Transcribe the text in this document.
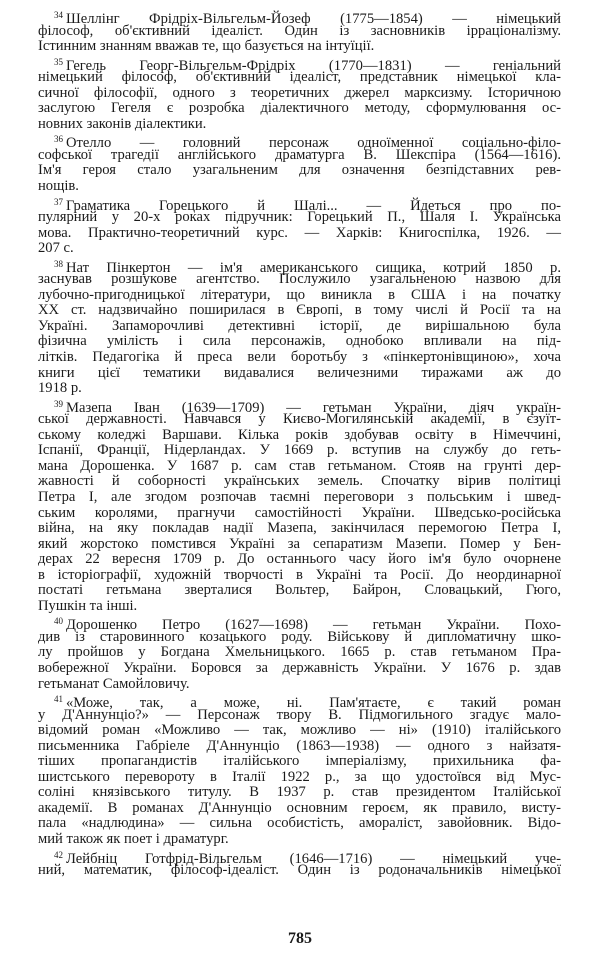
$^{34}$ Шеллінг Фрідріх-Вільгельм-Йозеф (1775—1854) — німецький
філософ, об'єктивний ідеаліст. Один із засновників ірраціоналізму.
Істинним знанням вважав те, що базується на інтуїції.
$^{35}$ Гегель Георг-Вільгельм-Фрідріх (1770—1831) — геніальний
німецький філософ, об'єктивний ідеаліст, представник німецької кла-
сичної філософії, одного з теоретичних джерел марксизму. Історичною
заслугою Гегеля є розробка діалектичного методу, сформулювання ос-
новних законів діалектики.
$^{36}$ Отелло — головний персонаж одноїменної соціально-філо-
софської трагедії англійського драматурга В. Шекспіра (1564—1616).
Ім'я героя стало узагальненим для означення безпідставних рев-
нощів.
$^{37}$ Граматика Горецького й Шалі... — Йдеться про по-
пулярний у 20-х роках підручник: Горецький П., Шаля І. Українська
мова. Практично-теоретичний курс. — Харків: Книгоспілка, 1926. —
207 с.
$^{38}$ Нат Пінкертон — ім'я американського сищика, котрий 1850 р.
заснував розшукове агентство. Послужило узагальненою назвою для
лубочно-пригодницької літератури, що виникла в США і на початку
XX ст. надзвичайно поширилася в Європі, в тому числі й Росії та на
Україні. Запаморочливі детективні історії, де вирішальною була
фізична умілість і сила персонажів, однобоко впливали на під-
літків. Педагогіка й преса вели боротьбу з «пінкертонівщиною», хоча
книги цієї тематики видавалися величезними тиражами аж до
1918 р.
$^{39}$ Мазепа Іван (1639—1709) — гетьман України, діяч україн-
ської державності. Навчався у Києво-Могилянській академії, в єзуїт-
ському коледжі Варшави. Кілька років здобував освіту в Німеччині,
Іспанії, Франції, Нідерландах. У 1669 р. вступив на службу до геть-
мана Дорошенка. У 1687 р. сам став гетьманом. Стояв на грунті дер-
жавності й соборності українських земель. Спочатку вірив політиці
Петра І, але згодом розпочав таємні переговори з польським і швед-
ським королями, прагнучи самостійності України. Шведсько-російська
війна, на яку покладав надії Мазепа, закінчилася перемогою Петра І,
який жорстоко помстився Україні за сепаратизм Мазепи. Помер у Бен-
дерах 22 вересня 1709 р. До останнього часу його ім'я було очорнене
в історіографії, художній творчості в Україні та Росії. До неординарної
постаті гетьмана зверталися Вольтер, Байрон, Словацький, Гюго,
Пушкін та інші.
$^{40}$ Дорошенко Петро (1627—1698) — гетьман України. Похо-
див із старовинного козацького роду. Військову й дипломатичну шко-
лу пройшов у Богдана Хмельницького. 1665 р. став гетьманом Пра-
вобережної України. Боровся за державність України. У 1676 р. здав
гетьманат Самойловичу.
$^{41}$ «Може, так, а може, ні. Пам'ятаєте, є такий роман
у Д'Аннунціо?» — Персонаж твору В. Підмогильного згадує мало-
відомий роман «Можливо — так, можливо — ні» (1910) італійського
письменника Габріеле Д'Аннунціо (1863—1938) — одного з найзатя-
тіших пропагандистів італійського імперіалізму, прихильника фа-
шистського перевороту в Італії 1922 р., за що удостоївся від Мус-
соліні князівського титулу. В 1937 р. став президентом Італійської
академії. В романах Д'Аннунціо основним героєм, як правило, висту-
пала «надлюдина» — сильна особистість, амораліст, завойовник. Відо-
мий також як поет і драматург.
$^{42}$ Лейбніц Готфрід-Вільгельм (1646—1716) — німецький уче-
ний, математик, філософ-ідеаліст. Один із родоначальників німецької
785
